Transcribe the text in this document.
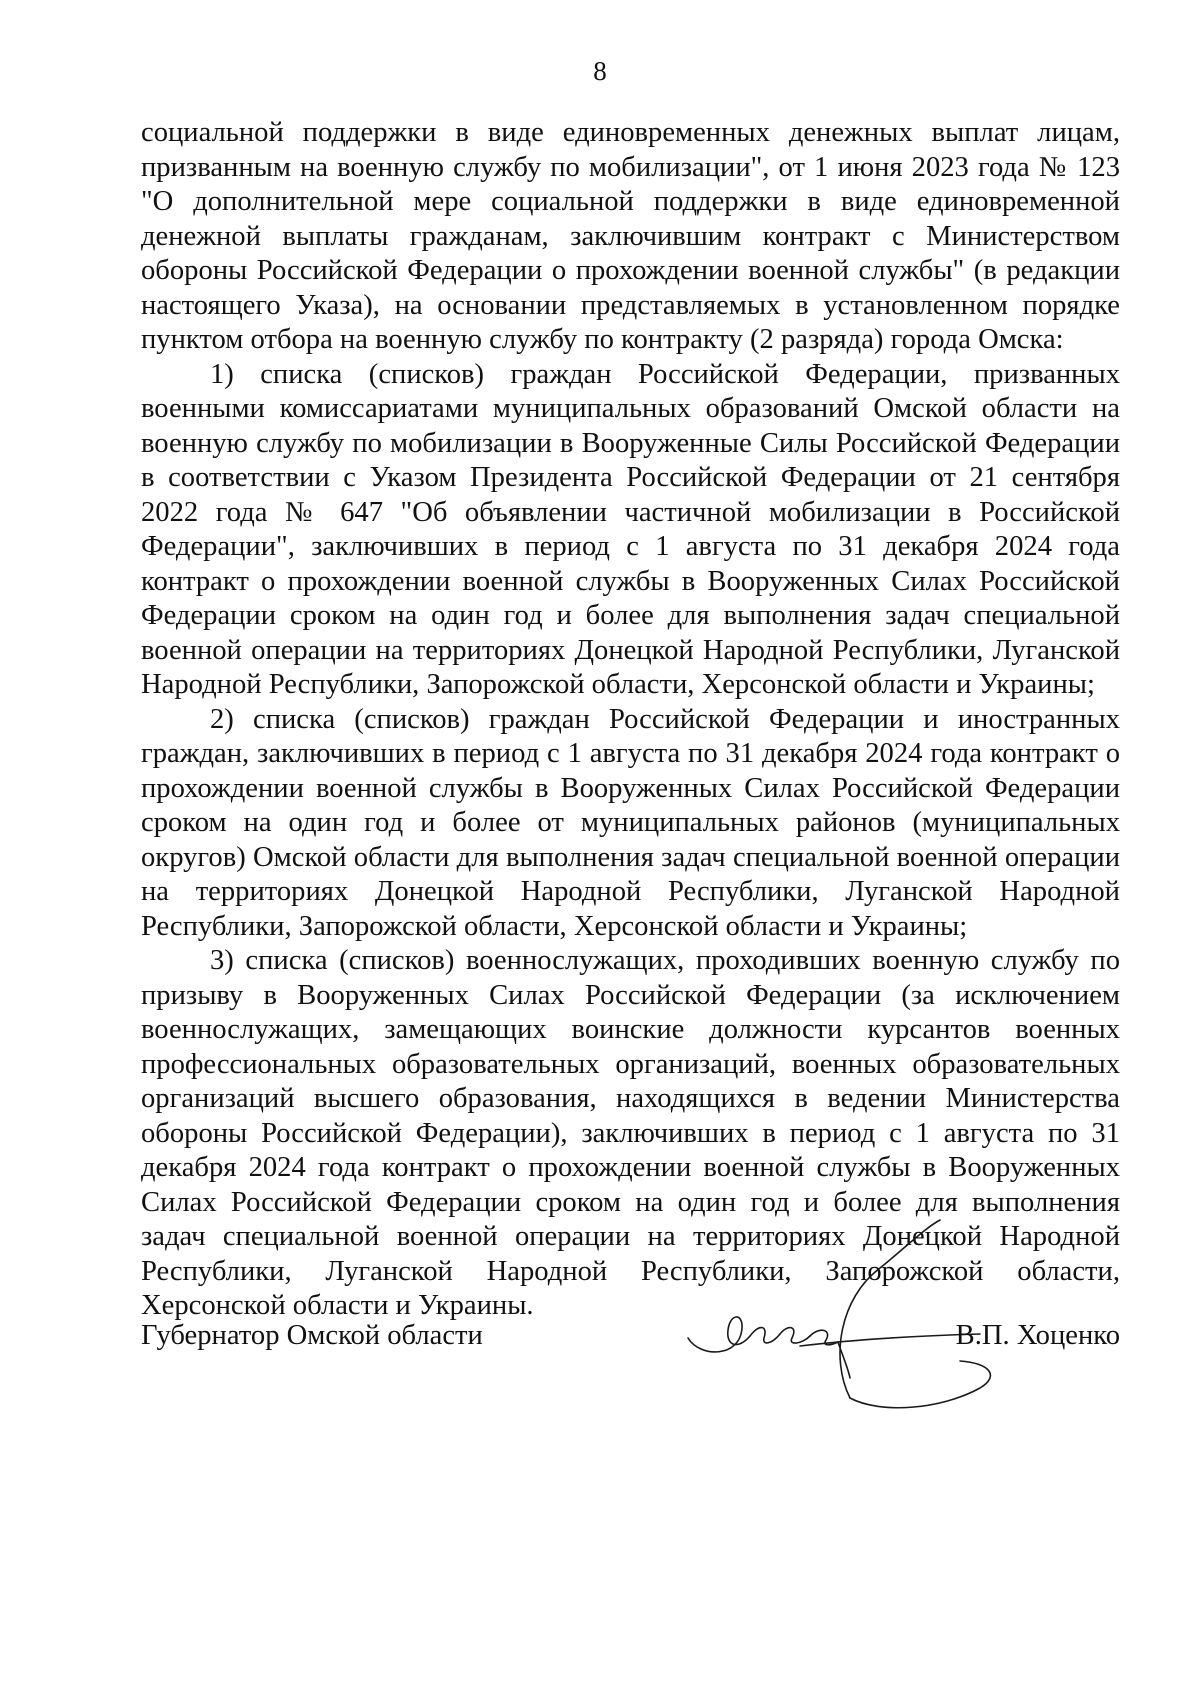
8

социальной поддержки в виде единовременных денежных выплат лицам, призванным на военную службу по мобилизации", от 1 июня 2023 года № 123 "О дополнительной мере социальной поддержки в виде единовременной денежной выплаты гражданам, заключившим контракт с Министерством обороны Российской Федерации о прохождении военной службы" (в редакции настоящего Указа), на основании представляемых в установленном порядке пунктом отбора на военную службу по контракту (2 разряда) города Омска:

1) списка (списков) граждан Российской Федерации, призванных военными комиссариатами муниципальных образований Омской области на военную службу по мобилизации в Вооруженные Силы Российской Федерации в соответствии с Указом Президента Российской Федерации от 21 сентября 2022 года № 647 "Об объявлении частичной мобилизации в Российской Федерации", заключивших в период с 1 августа по 31 декабря 2024 года контракт о прохождении военной службы в Вооруженных Силах Российской Федерации сроком на один год и более для выполнения задач специальной военной операции на территориях Донецкой Народной Республики, Луганской Народной Республики, Запорожской области, Херсонской области и Украины;

2) списка (списков) граждан Российской Федерации и иностранных граждан, заключивших в период с 1 августа по 31 декабря 2024 года контракт о прохождении военной службы в Вооруженных Силах Российской Федерации сроком на один год и более от муниципальных районов (муниципальных округов) Омской области для выполнения задач специальной военной операции на территориях Донецкой Народной Республики, Луганской Народной Республики, Запорожской области, Херсонской области и Украины;

3) списка (списков) военнослужащих, проходивших военную службу по призыву в Вооруженных Силах Российской Федерации (за исключением военнослужащих, замещающих воинские должности курсантов военных профессиональных образовательных организаций, военных образовательных организаций высшего образования, находящихся в ведении Министерства обороны Российской Федерации), заключивших в период с 1 августа по 31 декабря 2024 года контракт о прохождении военной службы в Вооруженных Силах Российской Федерации сроком на один год и более для выполнения задач специальной военной операции на территориях Донецкой Народной Республики, Луганской Народной Республики, Запорожской области, Херсонской области и Украины.

Губернатор Омской области	В.П. Хоценко
